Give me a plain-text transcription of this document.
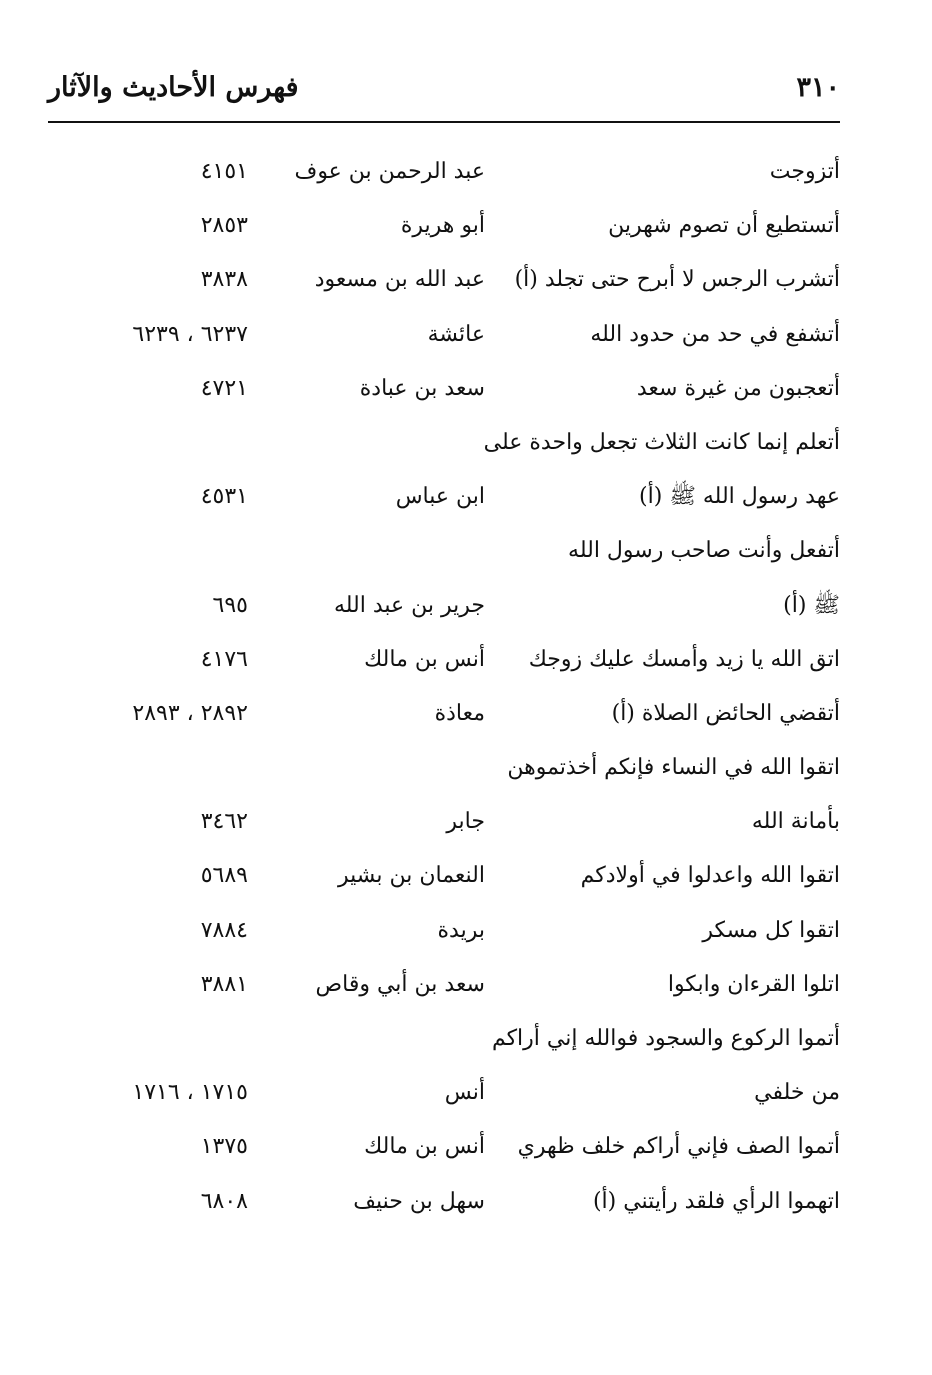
٣١٠
فهرس الأحاديث والآثار
أتزوجت
عبد الرحمن بن عوف
٤١٥١
أتستطيع أن تصوم شهرين
أبو هريرة
٢٨٥٣
أتشرب الرجس لا أبرح حتى تجلد (أ)
عبد الله بن مسعود
٣٨٣٨
أتشفع في حد من حدود الله
عائشة
٦٢٣٧ ، ٦٢٣٩
أتعجبون من غيرة سعد
سعد بن عبادة
٤٧٢١
أتعلم إنما كانت الثلاث تجعل واحدة على
عهد رسول الله ﷺ (أ)
ابن عباس
٤٥٣١
أتفعل وأنت صاحب رسول الله
ﷺ (أ)
جرير بن عبد الله
٦٩٥
اتق الله يا زيد وأمسك عليك زوجك
أنس بن مالك
٤١٧٦
أتقضي الحائض الصلاة (أ)
معاذة
٢٨٩٢ ، ٢٨٩٣
اتقوا الله في النساء فإنكم أخذتموهن
بأمانة الله
جابر
٣٤٦٢
اتقوا الله واعدلوا في أولادكم
النعمان بن بشير
٥٦٨٩
اتقوا كل مسكر
بريدة
٧٨٨٤
اتلوا القرءان وابكوا
سعد بن أبي وقاص
٣٨٨١
أتموا الركوع والسجود فوالله إني أراكم
من خلفي
أنس
١٧١٥ ، ١٧١٦
أتموا الصف فإني أراكم خلف ظهري
أنس بن مالك
١٣٧٥
اتهموا الرأي فلقد رأيتني (أ)
سهل بن حنيف
٦٨٠٨
